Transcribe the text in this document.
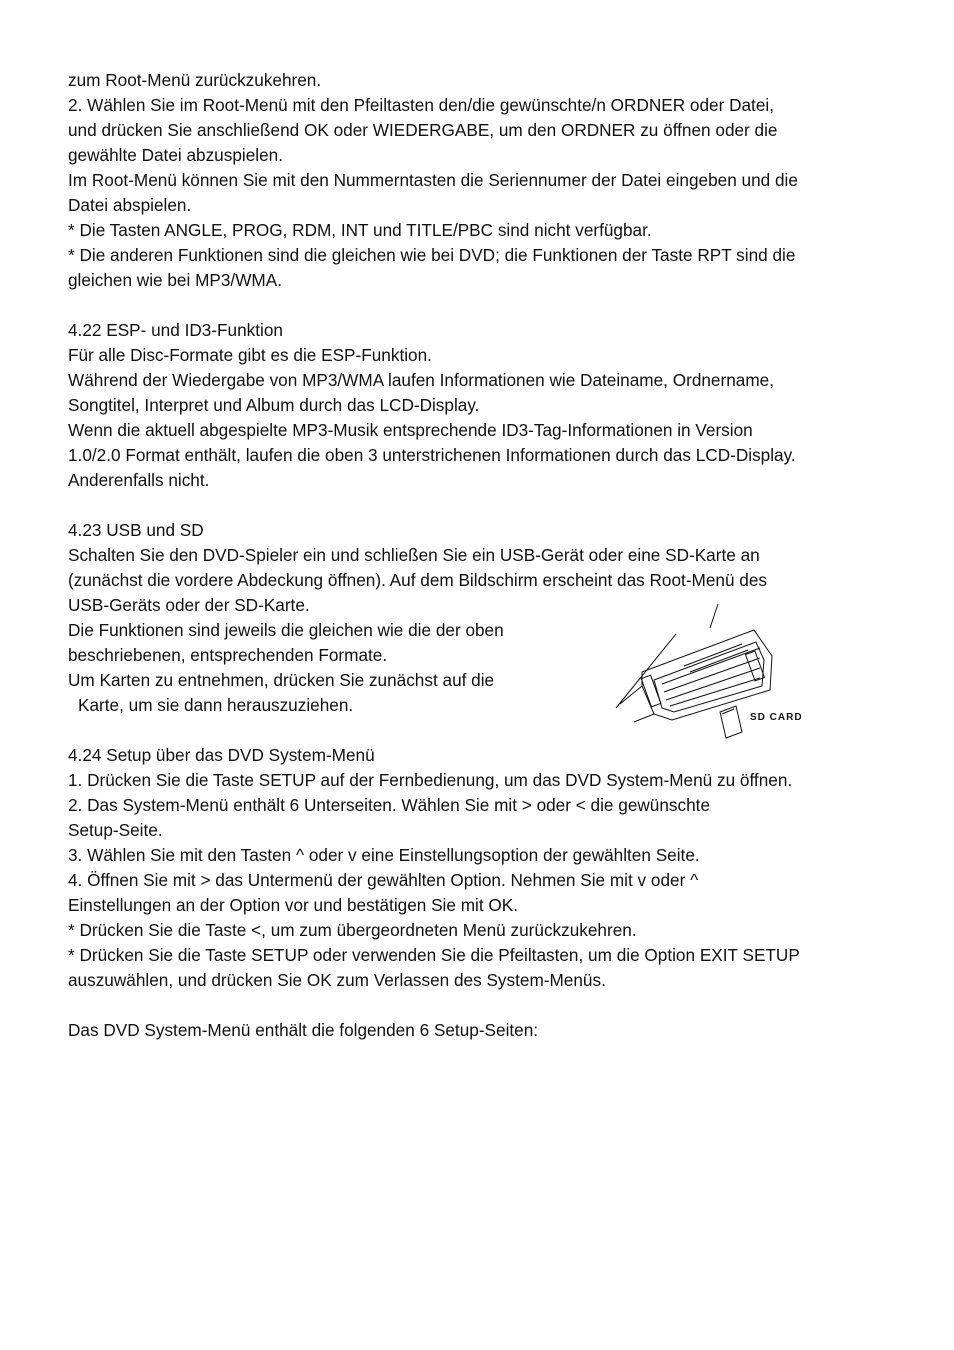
zum Root-Menü zurückzukehren.
2. Wählen Sie im Root-Menü mit den Pfeiltasten den/die gewünschte/n ORDNER oder Datei,
und drücken Sie anschließend OK oder WIEDERGABE, um den ORDNER zu öffnen oder die
gewählte Datei abzuspielen.
Im Root-Menü können Sie mit den Nummerntasten die Seriennumer der Datei eingeben und die
Datei abspielen.
* Die Tasten ANGLE, PROG, RDM, INT und TITLE/PBC sind nicht verfügbar.
* Die anderen Funktionen sind die gleichen wie bei DVD; die Funktionen der Taste RPT sind die
gleichen wie bei MP3/WMA.
4.22 ESP- und ID3-Funktion
Für alle Disc-Formate gibt es die ESP-Funktion.
Während der Wiedergabe von MP3/WMA laufen Informationen wie Dateiname, Ordnername,
Songtitel, Interpret und Album durch das LCD-Display.
Wenn die aktuell abgespielte MP3-Musik entsprechende ID3-Tag-Informationen in Version
1.0/2.0 Format enthält, laufen die oben 3 unterstrichenen Informationen durch das LCD-Display.
Anderenfalls nicht.
4.23 USB und SD
Schalten Sie den DVD-Spieler ein und schließen Sie ein USB-Gerät oder eine SD-Karte an
(zunächst die vordere Abdeckung öffnen). Auf dem Bildschirm erscheint das Root-Menü des
USB-Geräts oder der SD-Karte.
Die Funktionen sind jeweils die gleichen wie die der oben
beschriebenen, entsprechenden Formate.
Um Karten zu entnehmen, drücken Sie zunächst auf die
Karte, um sie dann herauszuziehen.
4.24 Setup über das DVD System-Menü
1. Drücken Sie die Taste SETUP auf der Fernbedienung, um das DVD System-Menü zu öffnen.
2. Das System-Menü enthält 6 Unterseiten. Wählen Sie mit > oder < die gewünschte
Setup-Seite.
3. Wählen Sie mit den Tasten ^ oder v eine Einstellungsoption der gewählten Seite.
4. Öffnen Sie mit > das Untermenü der gewählten Option. Nehmen Sie mit v oder ^
Einstellungen an der Option vor und bestätigen Sie mit OK.
* Drücken Sie die Taste <, um zum übergeordneten Menü zurückzukehren.
* Drücken Sie die Taste SETUP oder verwenden Sie die Pfeiltasten, um die Option EXIT SETUP
auszuwählen, und drücken Sie OK zum Verlassen des System-Menüs.
Das DVD System-Menü enthält die folgenden 6 Setup-Seiten:
SD CARD
